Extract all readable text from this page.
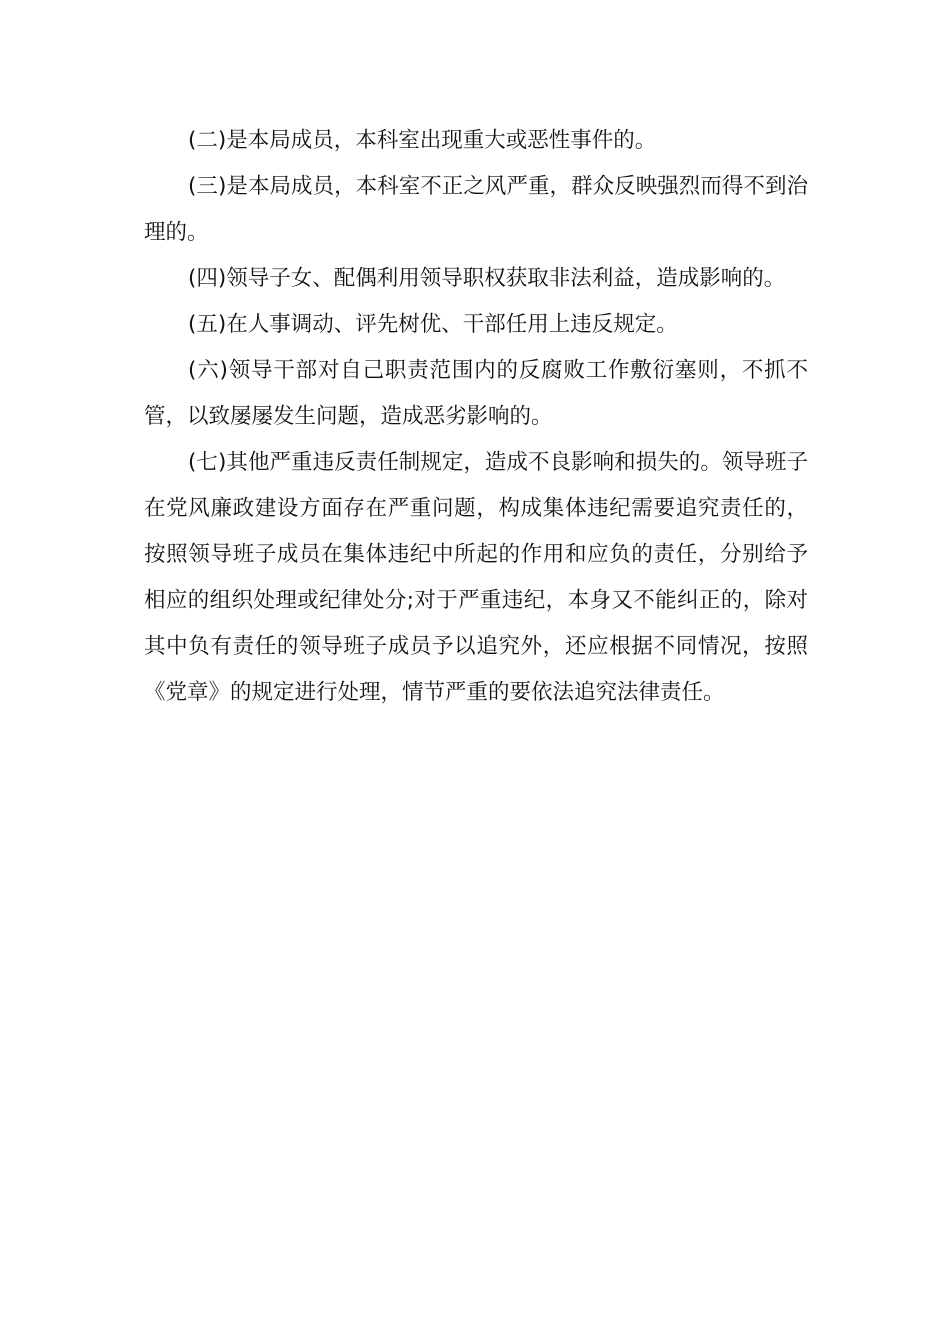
(二)是本局成员，本科室出现重大或恶性事件的。

(三)是本局成员，本科室不正之风严重，群众反映强烈而得不到治理的。

(四)领导子女、配偶利用领导职权获取非法利益，造成影响的。

(五)在人事调动、评先树优、干部任用上违反规定。

(六)领导干部对自己职责范围内的反腐败工作敷衍塞则，不抓不管，以致屡屡发生问题，造成恶劣影响的。

(七)其他严重违反责任制规定，造成不良影响和损失的。领导班子在党风廉政建设方面存在严重问题，构成集体违纪需要追究责任的，按照领导班子成员在集体违纪中所起的作用和应负的责任，分别给予相应的组织处理或纪律处分;对于严重违纪，本身又不能纠正的，除对其中负有责任的领导班子成员予以追究外，还应根据不同情况，按照《党章》的规定进行处理，情节严重的要依法追究法律责任。
